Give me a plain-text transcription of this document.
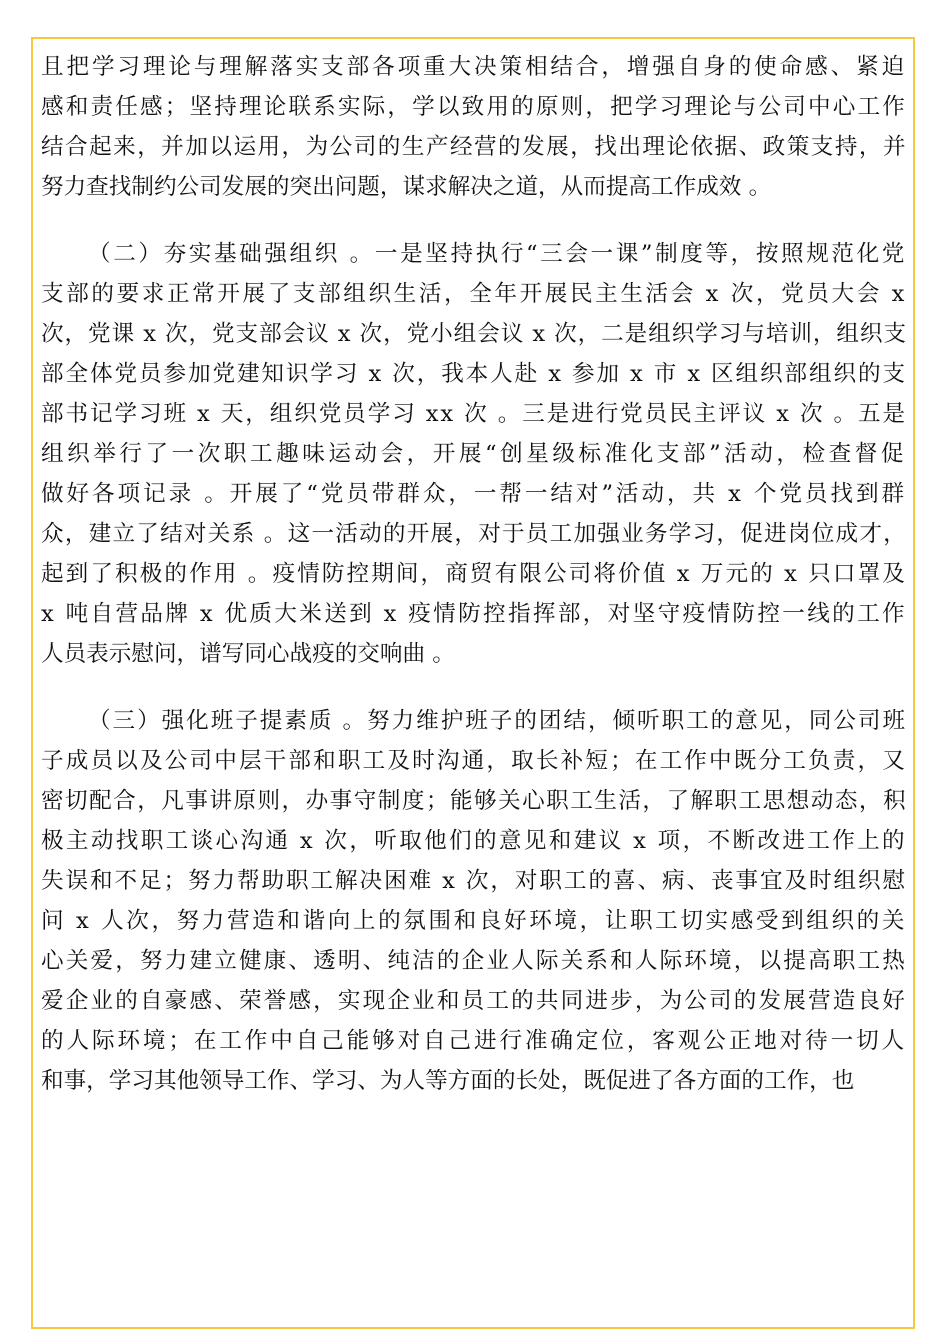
且把学习理论与理解落实支部各项重大决策相结合，增强自身的使命感、紧迫
感和责任感；坚持理论联系实际，学以致用的原则，把学习理论与公司中心工作
结合起来，并加以运用，为公司的生产经营的发展，找出理论依据、政策支持，并
努力查找制约公司发展的突出问题，谋求解决之道，从而提高工作成效 。
（二）夯实基础强组织 。一是坚持执行“三会一课”制度等，按照规范化党
支部的要求正常开展了支部组织生活，全年开展民主生活会 x 次，党员大会 x
次，党课 x 次，党支部会议 x 次，党小组会议 x 次，二是组织学习与培训，组织支
部全体党员参加党建知识学习 x 次，我本人赴 x 参加 x 市 x 区组织部组织的支
部书记学习班 x 天，组织党员学习 xx 次 。三是进行党员民主评议 x 次 。五是
组织举行了一次职工趣味运动会，开展“创星级标准化支部”活动，检查督促
做好各项记录 。开展了“党员带群众，一帮一结对”活动，共 x 个党员找到群
众，建立了结对关系 。这一活动的开展，对于员工加强业务学习，促进岗位成才，
起到了积极的作用 。疫情防控期间，商贸有限公司将价值 x 万元的 x 只口罩及
x 吨自营品牌 x 优质大米送到 x 疫情防控指挥部，对坚守疫情防控一线的工作
人员表示慰问，谱写同心战疫的交响曲 。
（三）强化班子提素质 。努力维护班子的团结，倾听职工的意见，同公司班
子成员以及公司中层干部和职工及时沟通，取长补短；在工作中既分工负责，又
密切配合，凡事讲原则，办事守制度；能够关心职工生活，了解职工思想动态，积
极主动找职工谈心沟通 x 次，听取他们的意见和建议 x 项，不断改进工作上的
失误和不足；努力帮助职工解决困难 x 次，对职工的喜、病、丧事宜及时组织慰
问 x 人次，努力营造和谐向上的氛围和良好环境，让职工切实感受到组织的关
心关爱，努力建立健康、透明、纯洁的企业人际关系和人际环境，以提高职工热
爱企业的自豪感、荣誉感，实现企业和员工的共同进步，为公司的发展营造良好
的人际环境；在工作中自己能够对自己进行准确定位，客观公正地对待一切人
和事，学习其他领导工作、学习、为人等方面的长处，既促进了各方面的工作，也
